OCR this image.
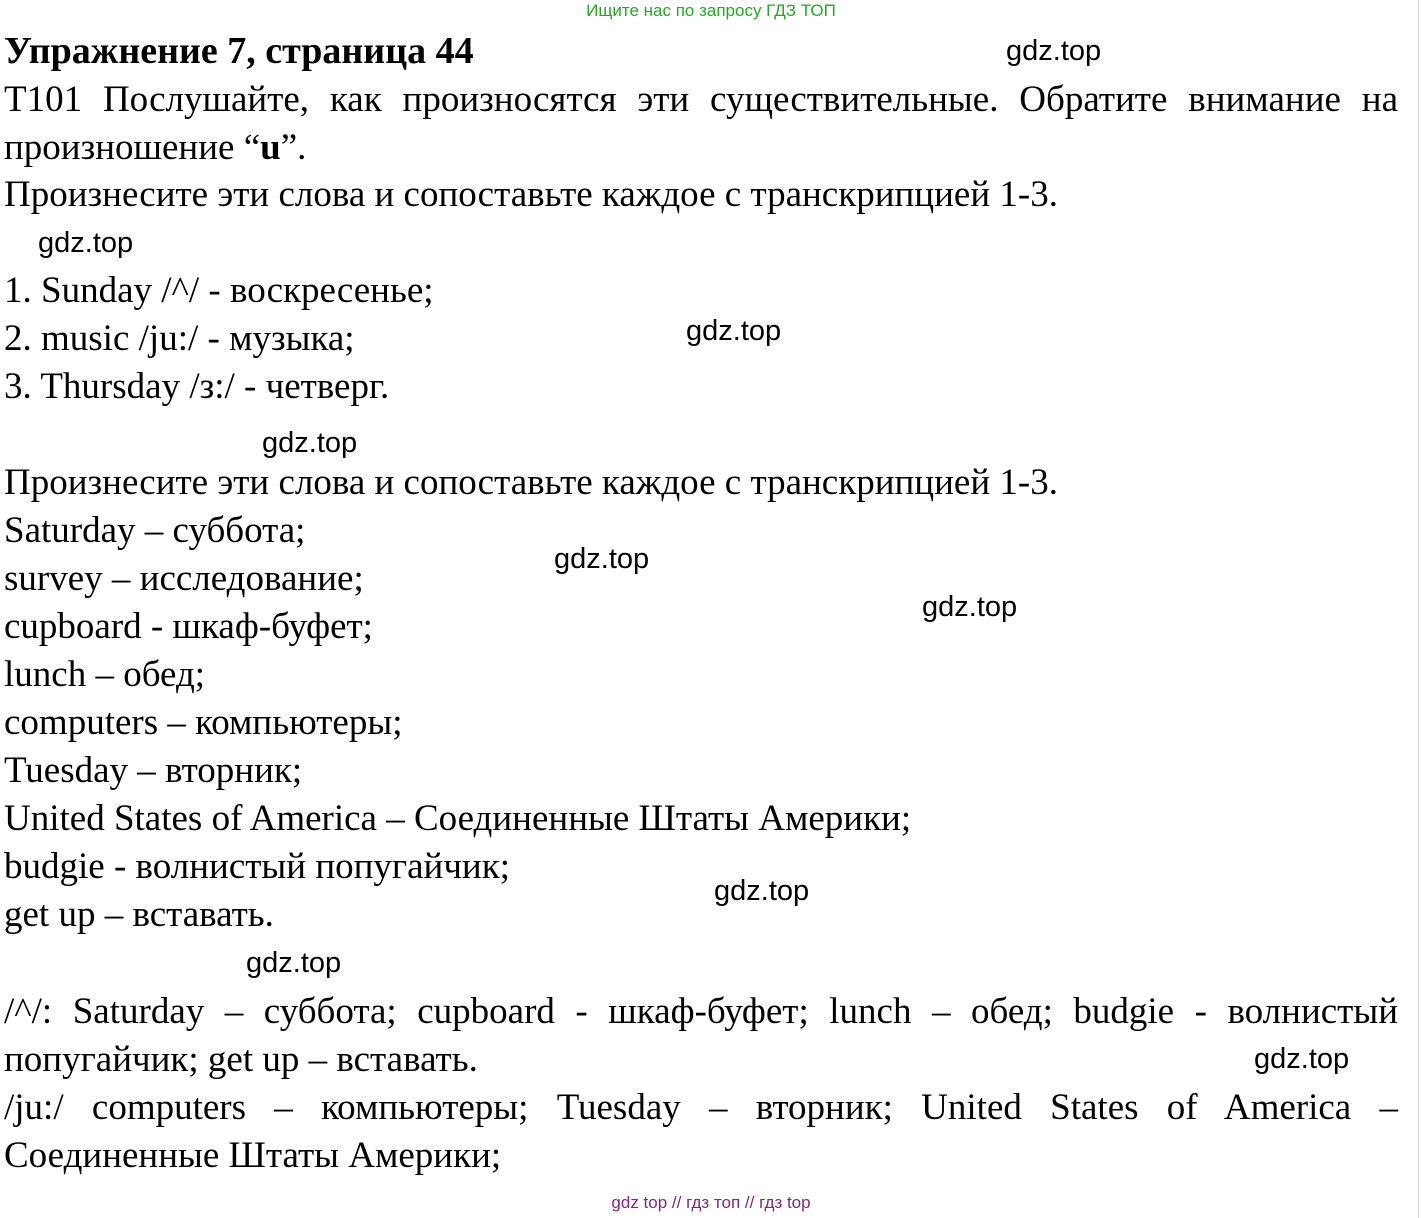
Ищите нас по запросу ГДЗ ТОП
Упражнение 7, страница 44
T101 Послушайте, как произносятся эти существительные. Обратите внимание на произношение “u”.
Произнесите эти слова и сопоставьте каждое с транскрипцией 1-3.
1. Sunday /^/ - воскресенье;
2. music /ju:/ - музыка;
3. Thursday /з:/ - четверг.
Произнесите эти слова и сопоставьте каждое с транскрипцией 1-3.
Saturday – суббота;
survey – исследование;
cupboard - шкаф-буфет;
lunch – обед;
computers – компьютеры;
Tuesday – вторник;
United States of America – Соединенные Штаты Америки;
budgie - волнистый попугайчик;
get up – вставать.
/^/: Saturday – суббота; cupboard - шкаф-буфет; lunch – обед; budgie - волнистый попугайчик; get up – вставать.
/ju:/ computers – компьютеры; Tuesday – вторник; United States of America – Соединенные Штаты Америки;
gdz.top
gdz.top
gdz.top
gdz.top
gdz.top
gdz.top
gdz.top
gdz.top
gdz.top
gdz top // гдз топ // гдз top
